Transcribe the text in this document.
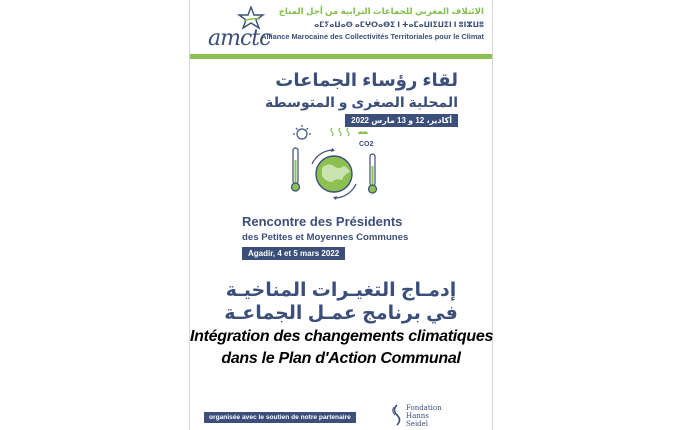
amctc
الائتلاف المغربي للجماعات الترابية من أجل المناخ
ⴰⵎⵢⴰⵡⴰⵙ ⴰⵎⵖⵔⴰⴱⵉ ⵏ ⵜⴰⵎⴰⵡⵏⵉⵡⵉⵏ ⵏ ⵓⵏⵣⵡⵓ
Alliance Marocaine des Collectivités Territoriales pour le Climat
لقاء رؤساء الجماعات
المحلية الصغرى و المتوسطة
أكادير، 12 و 13 مارس 2022
CO2
Rencontre des Présidents
des Petites et Moyennes Communes
Agadir, 4 et 5 mars 2022
إدمـاج التغيـرات المناخيـة
في برنامج عمـل الجماعـة
Intégration des changements climatiques
dans le Plan d'Action Communal
organisée avec le soutien de notre partenaire
Fondation
Hanns
Seidel
